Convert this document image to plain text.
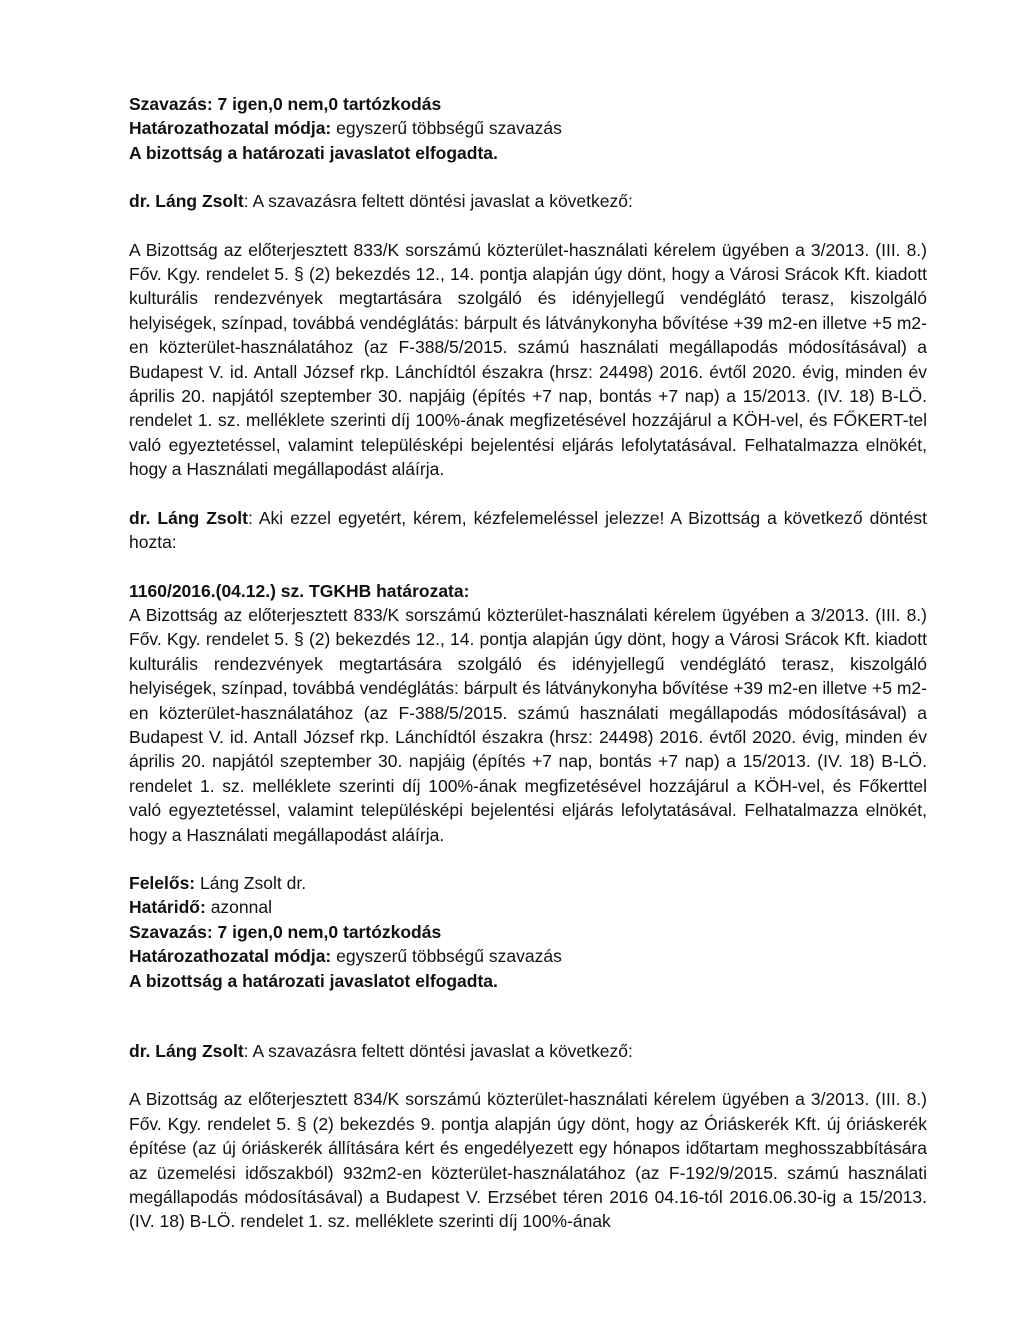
Szavazás: 7 igen,0 nem,0 tartózkodás
Határozathozatal módja: egyszerű többségű szavazás
A bizottság a határozati javaslatot elfogadta.

dr. Láng Zsolt: A szavazásra feltett döntési javaslat a következő:

A Bizottság az előterjesztett 833/K sorszámú közterület-használati kérelem ügyében a 3/2013. (III. 8.) Főv. Kgy. rendelet 5. § (2) bekezdés 12., 14. pontja alapján úgy dönt, hogy a Városi Srácok Kft. kiadott kulturális rendezvények megtartására szolgáló és idényjellegű vendéglátó terasz, kiszolgáló helyiségek, színpad, továbbá vendéglátás: bárpult és látványkonyha bővítése +39 m2-en illetve +5 m2-en közterület-használatához (az F-388/5/2015. számú használati megállapodás módosításával) a Budapest V. id. Antall József rkp. Lánchídtól északra (hrsz: 24498) 2016. évtől 2020. évig, minden év április 20. napjától szeptember 30. napjáig (építés +7 nap, bontás +7 nap) a 15/2013. (IV. 18) B-LÖ. rendelet 1. sz. melléklete szerinti díj 100%-ának megfizetésével hozzájárul a KÖH-vel, és FŐKERT-tel való egyeztetéssel, valamint településképi bejelentési eljárás lefolytatásával. Felhatalmazza elnökét, hogy a Használati megállapodást aláírja.

dr. Láng Zsolt: Aki ezzel egyetért, kérem, kézfelemeléssel jelezze! A Bizottság a következő döntést hozta:

1160/2016.(04.12.) sz. TGKHB határozata:

A Bizottság az előterjesztett 833/K sorszámú közterület-használati kérelem ügyében a 3/2013. (III. 8.) Főv. Kgy. rendelet 5. § (2) bekezdés 12., 14. pontja alapján úgy dönt, hogy a Városi Srácok Kft. kiadott kulturális rendezvények megtartására szolgáló és idényjellegű vendéglátó terasz, kiszolgáló helyiségek, színpad, továbbá vendéglátás: bárpult és látványkonyha bővítése +39 m2-en illetve +5 m2-en közterület-használatához (az F-388/5/2015. számú használati megállapodás módosításával) a Budapest V. id. Antall József rkp. Lánchídtól északra (hrsz: 24498) 2016. évtől 2020. évig, minden év április 20. napjától szeptember 30. napjáig (építés +7 nap, bontás +7 nap) a 15/2013. (IV. 18) B-LÖ. rendelet 1. sz. melléklete szerinti díj 100%-ának megfizetésével hozzájárul a KÖH-vel, és Főkerttel való egyeztetéssel, valamint településképi bejelentési eljárás lefolytatásával. Felhatalmazza elnökét, hogy a Használati megállapodást aláírja.

Felelős: Láng Zsolt dr.
Határidő: azonnal
Szavazás: 7 igen,0 nem,0 tartózkodás
Határozathozatal módja: egyszerű többségű szavazás
A bizottság a határozati javaslatot elfogadta.

dr. Láng Zsolt: A szavazásra feltett döntési javaslat a következő:

A Bizottság az előterjesztett 834/K sorszámú közterület-használati kérelem ügyében a 3/2013. (III. 8.) Főv. Kgy. rendelet 5. § (2) bekezdés 9. pontja alapján úgy dönt, hogy az Óriáskerék Kft. új óriáskerék építése (az új óriáskerék állítására kért és engedélyezett egy hónapos időtartam meghosszabbítására az üzemelési időszakból) 932m2-en közterület-használatához (az F-192/9/2015. számú használati megállapodás módosításával) a Budapest V. Erzsébet téren 2016 04.16-tól 2016.06.30-ig a 15/2013. (IV. 18) B-LÖ. rendelet 1. sz. melléklete szerinti díj 100%-ának
